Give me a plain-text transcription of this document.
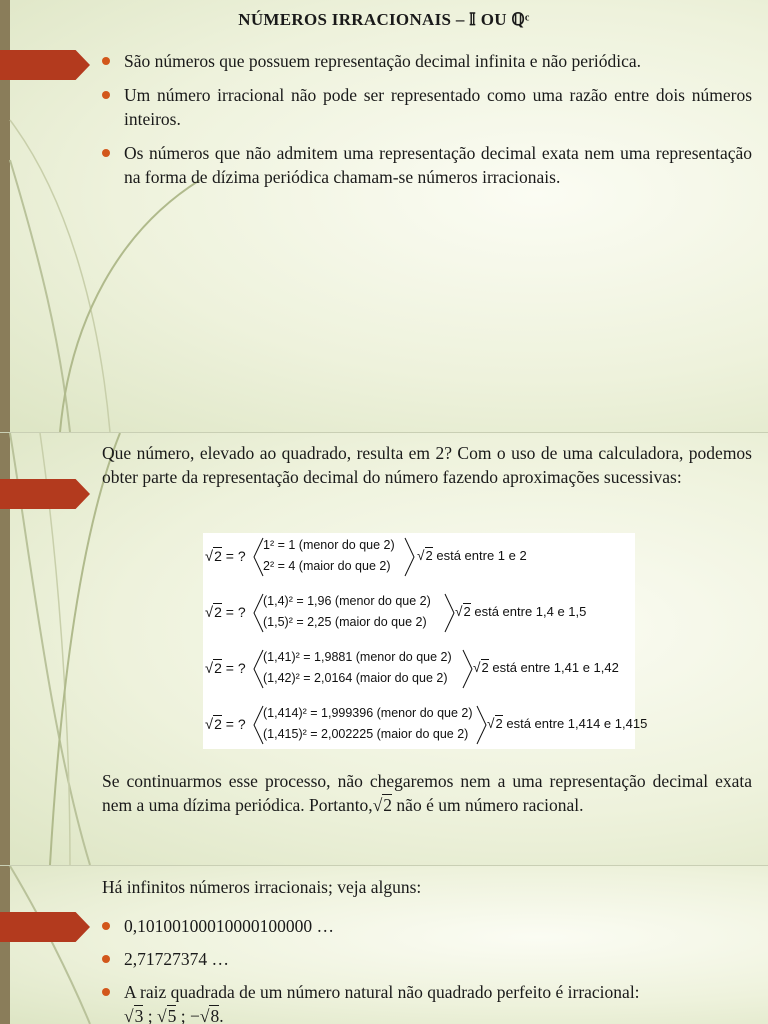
NÚMEROS IRRACIONAIS – 𝕀 OU ℚᶜ
São números que possuem representação decimal infinita e não periódica.
Um número irracional não pode ser representado como uma razão entre dois números inteiros.
Os números que não admitem uma representação decimal exata nem uma representação na forma de dízima periódica chamam-se números irracionais.

Que número, elevado ao quadrado, resulta em 2? Com o uso de uma calculadora, podemos obter parte da representação decimal do número fazendo aproximações sucessivas:

√2 = ?
1² = 1 (menor do que 2)
2² = 4 (maior do que 2)
√2 está entre 1 e 2
√2 = ?
(1,4)² = 1,96 (menor do que 2)
(1,5)² = 2,25 (maior do que 2)
√2 está entre 1,4 e 1,5
√2 = ?
(1,41)² = 1,9881 (menor do que 2)
(1,42)² = 2,0164 (maior do que 2)
√2 está entre 1,41 e 1,42
√2 = ?
(1,414)² = 1,999396 (menor do que 2)
(1,415)² = 2,002225 (maior do que 2)
√2 está entre 1,414 e 1,415

Se continuarmos esse processo, não chegaremos nem a uma representação decimal exata nem a uma dízima periódica. Portanto,√2 não é um número racional.

Há infinitos números irracionais; veja alguns:

0,10100100010000100000 …
2,71727374 …
A raiz quadrada de um número natural não quadrado perfeito é irracional:
√3 ; √5 ; −√8.
